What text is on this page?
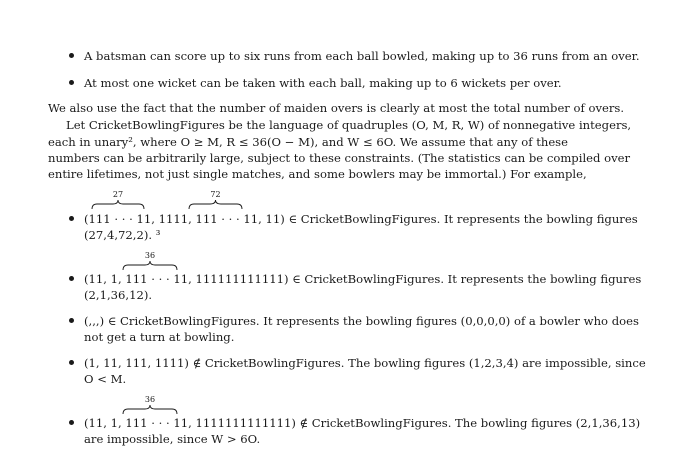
A batsman can score up to six runs from each ball bowled, making up to 36 runs from an over.
At most one wicket can be taken with each ball, making up to 6 wickets per over.
We also use the fact that the number of maiden overs is clearly at most the total number of overs.
Let CricketBowlingFigures be the language of quadruples (O, M, R, W) of nonnegative integers,
each in unary², where O ≥ M, R ≤ 36(O − M), and W ≤ 6O. We assume that any of these
numbers can be arbitrarily large, subject to these constraints. (The statistics can be compiled over
entire lifetimes, not just single matches, and some bowlers may be immortal.) For example,
27	72
(111 · · · 11, 1111, 111 · · · 11, 11) ∈ CricketBowlingFigures. It represents the bowling figures
(27,4,72,2). ³
36
(11, 1, 111 · · · 11, 111111111111) ∈ CricketBowlingFigures. It represents the bowling figures
(2,1,36,12).
(,,,) ∈ CricketBowlingFigures. It represents the bowling figures (0,0,0,0) of a bowler who does
not get a turn at bowling.
(1, 11, 111, 1111) ∉ CricketBowlingFigures. The bowling figures (1,2,3,4) are impossible, since
O < M.
36
(11, 1, 111 · · · 11, 1111111111111) ∉ CricketBowlingFigures. The bowling figures (2,1,36,13)
are impossible, since W > 6O.
